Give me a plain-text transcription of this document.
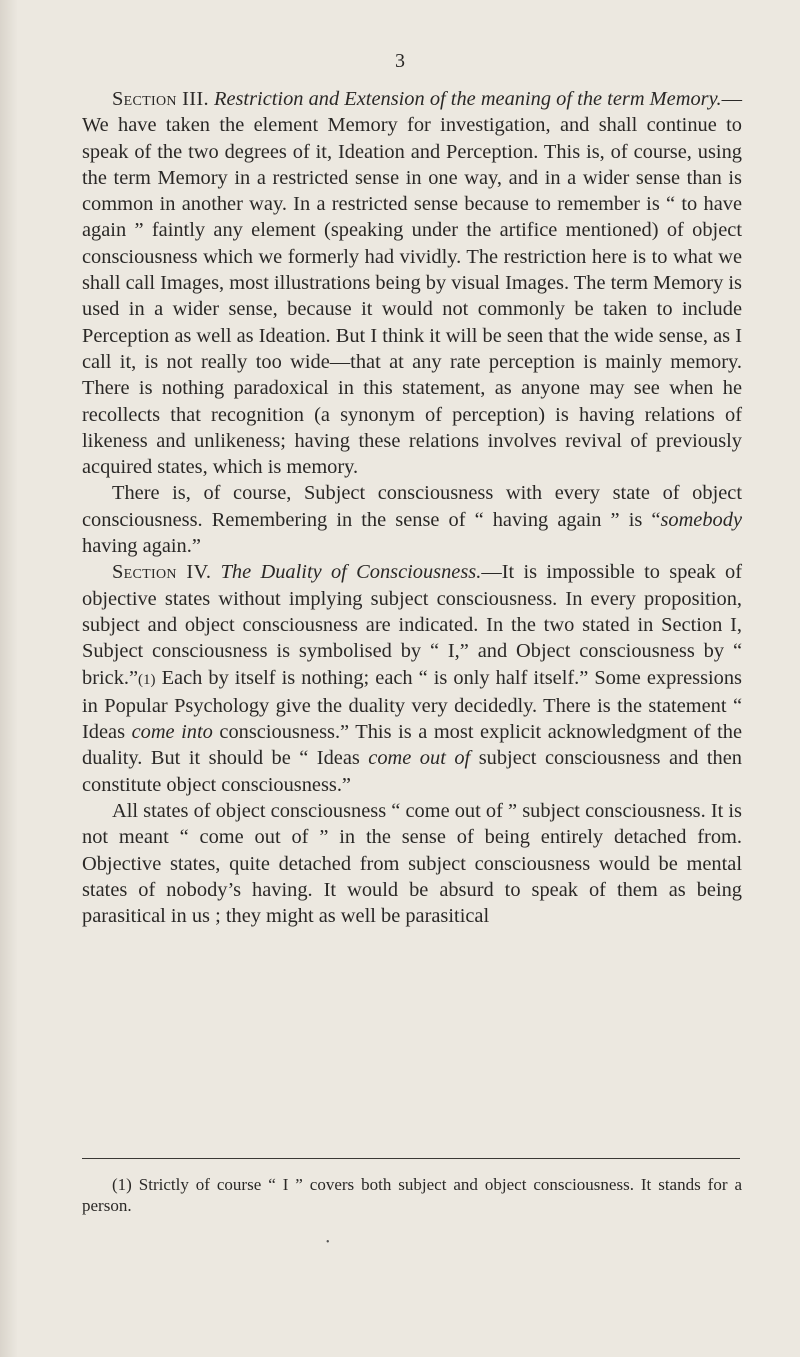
3

Section III. Restriction and Extension of the meaning of the term Memory.—We have taken the element Memory for investigation, and shall continue to speak of the two degrees of it, Ideation and Perception. This is, of course, using the term Memory in a restricted sense in one way, and in a wider sense than is common in another way. In a restricted sense because to remember is “ to have again ” faintly any element (speaking under the artifice mentioned) of object consciousness which we formerly had vividly. The restriction here is to what we shall call Images, most illustrations being by visual Images. The term Memory is used in a wider sense, because it would not commonly be taken to include Perception as well as Ideation. But I think it will be seen that the wide sense, as I call it, is not really too wide—that at any rate perception is mainly memory. There is nothing paradoxical in this statement, as anyone may see when he recollects that recognition (a synonym of perception) is having relations of likeness and unlikeness; having these relations involves revival of previously acquired states, which is memory.

There is, of course, Subject consciousness with every state of object consciousness. Remembering in the sense of “ having again ” is “somebody having again.”

Section IV. The Duality of Consciousness.—It is impossible to speak of objective states without implying subject consciousness. In every proposition, subject and object consciousness are indicated. In the two stated in Section I, Subject consciousness is symbolised by “ I,” and Object consciousness by “ brick.”(1) Each by itself is nothing; each “ is only half itself.” Some expressions in Popular Psychology give the duality very decidedly. There is the statement “ Ideas come into consciousness.” This is a most explicit acknowledgment of the duality. But it should be “ Ideas come out of subject consciousness and then constitute object consciousness.”

All states of object consciousness “ come out of ” subject consciousness. It is not meant “ come out of ” in the sense of being entirely detached from. Objective states, quite detached from subject consciousness would be mental states of nobody’s having. It would be absurd to speak of them as being parasitical in us ; they might as well be parasitical

(1) Strictly of course “ I ” covers both subject and object consciousness. It stands for a person.
•
